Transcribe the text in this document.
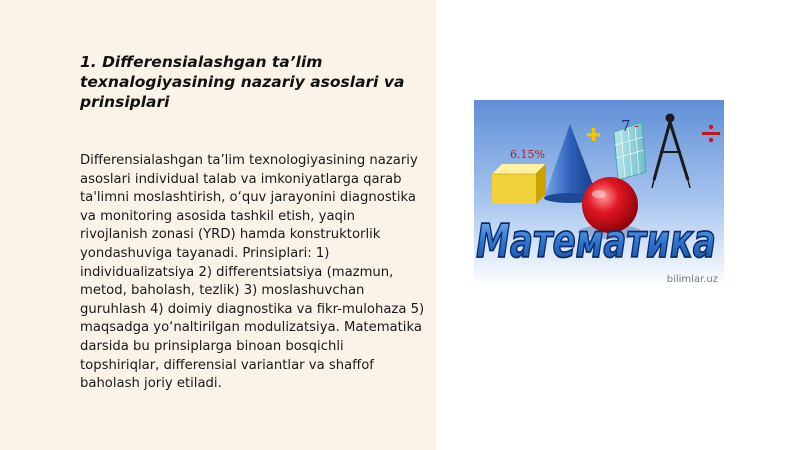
1. Differensialashgan ta’lim texnalogiyasining nazariy asoslari va prinsiplari

Differensialashgan ta’lim texnologiyasining nazariy asoslari individual talab va imkoniyatlarga qarab ta'limni moslashtirish, o‘quv jarayonini diagnostika va monitoring asosida tashkil etish, yaqin rivojlanish zonasi (YRD) hamda konstruktorlik yondashuviga tayanadi. Prinsiplari: 1) individualizatsiya 2) differentsiatsiya (mazmun, metod, baholash, tezlik) 3) moslashuvchan guruhlash 4) doimiy diagnostika va fikr-mulohaza 5) maqsadga yo‘naltirilgan modulizatsiya. Matematika darsida bu prinsiplarga binoan bosqichli topshiriqlar, differensial variantlar va shaffof baholash joriy etiladi.

6.15%
7 -
Математика
bilimlar.uz
